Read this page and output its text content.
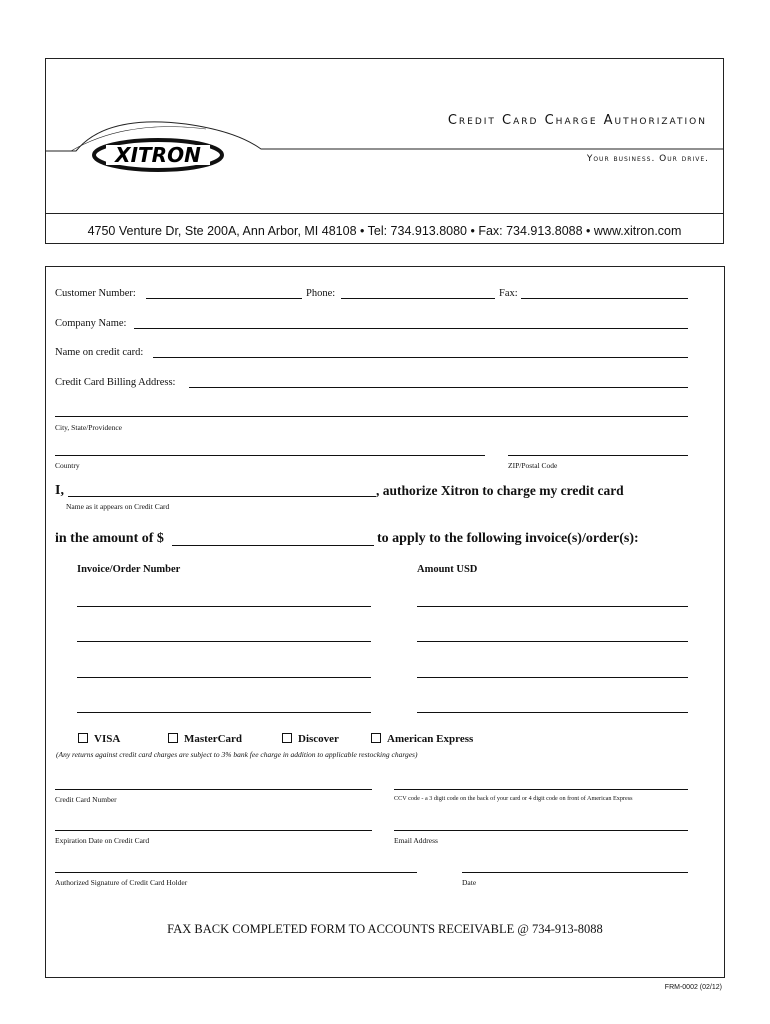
XITRON
Credit Card Charge Authorization
Your business. Our drive.
4750 Venture Dr, Ste 200A, Ann Arbor, MI 48108 • Tel: 734.913.8080 • Fax: 734.913.8088 • www.xitron.com
Customer Number:	Phone:	Fax:
Company Name:
Name on credit card:
Credit Card Billing Address:
City, State/Providence
Country	ZIP/Postal Code
I,	, authorize Xitron to charge my credit card
Name as it appears on Credit Card
in the amount of $	to apply to the following invoice(s)/order(s):
Invoice/Order Number	Amount USD
VISA	MasterCard	Discover	American Express
(Any returns against credit card charges are subject to 3% bank fee charge in addition to applicable restocking charges)
Credit Card Number	CCV code - a 3 digit code on the back of your card or 4 digit code on front of American Express
Expiration Date on Credit Card	Email Address
Authorized Signature of Credit Card Holder	Date
FAX BACK COMPLETED FORM TO ACCOUNTS RECEIVABLE @ 734-913-8088
FRM-0002 (02/12)
